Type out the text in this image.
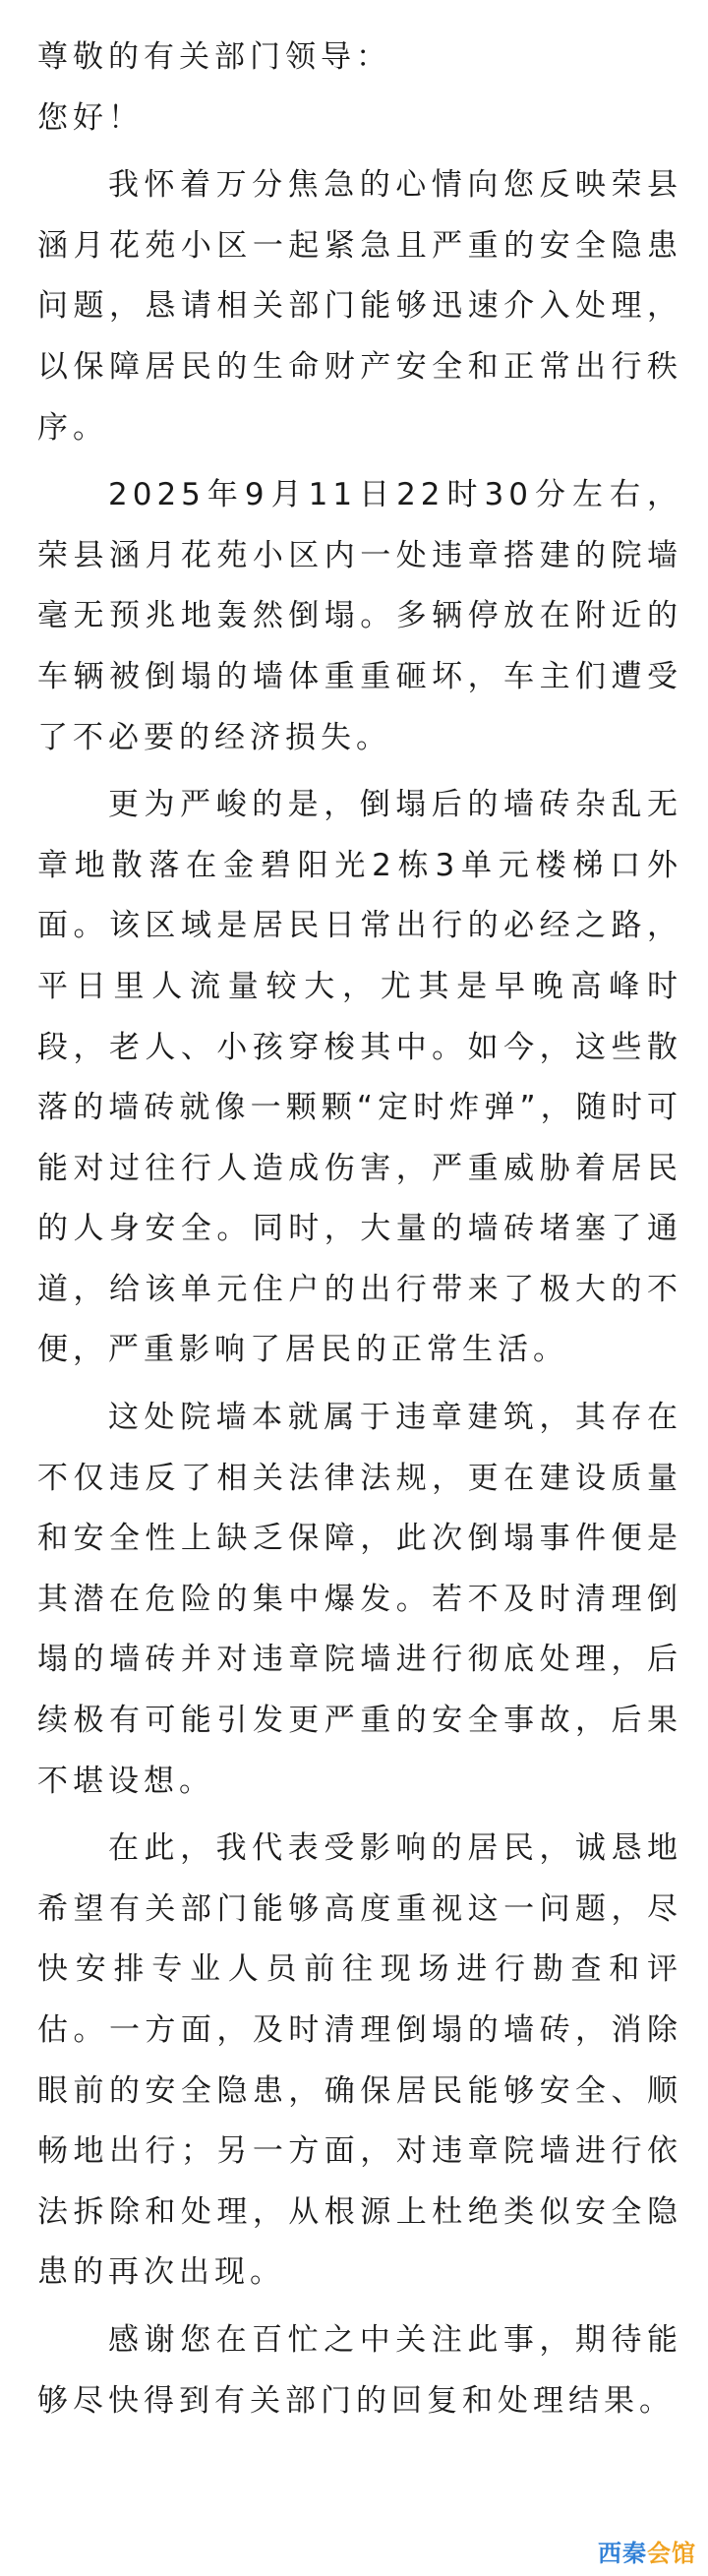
尊敬的有关部门领导：

您好！

我怀着万分焦急的心情向您反映荣县涵月花苑小区一起紧急且严重的安全隐患问题，恳请相关部门能够迅速介入处理，以保障居民的生命财产安全和正常出行秩序。

2025年9月11日22时30分左右，荣县涵月花苑小区内一处违章搭建的院墙毫无预兆地轰然倒塌。多辆停放在附近的车辆被倒塌的墙体重重砸坏，车主们遭受了不必要的经济损失。

更为严峻的是，倒塌后的墙砖杂乱无章地散落在金碧阳光2栋3单元楼梯口外面。该区域是居民日常出行的必经之路，平日里人流量较大，尤其是早晚高峰时段，老人、小孩穿梭其中。如今，这些散落的墙砖就像一颗颗“定时炸弹”，随时可能对过往行人造成伤害，严重威胁着居民的人身安全。同时，大量的墙砖堵塞了通道，给该单元住户的出行带来了极大的不便，严重影响了居民的正常生活。

这处院墙本就属于违章建筑，其存在不仅违反了相关法律法规，更在建设质量和安全性上缺乏保障，此次倒塌事件便是其潜在危险的集中爆发。若不及时清理倒塌的墙砖并对违章院墙进行彻底处理，后续极有可能引发更严重的安全事故，后果不堪设想。

在此，我代表受影响的居民，诚恳地希望有关部门能够高度重视这一问题，尽快安排专业人员前往现场进行勘查和评估。一方面，及时清理倒塌的墙砖，消除眼前的安全隐患，确保居民能够安全、顺畅地出行；另一方面，对违章院墙进行依法拆除和处理，从根源上杜绝类似安全隐患的再次出现。

感谢您在百忙之中关注此事，期待能够尽快得到有关部门的回复和处理结果。

西秦会馆
